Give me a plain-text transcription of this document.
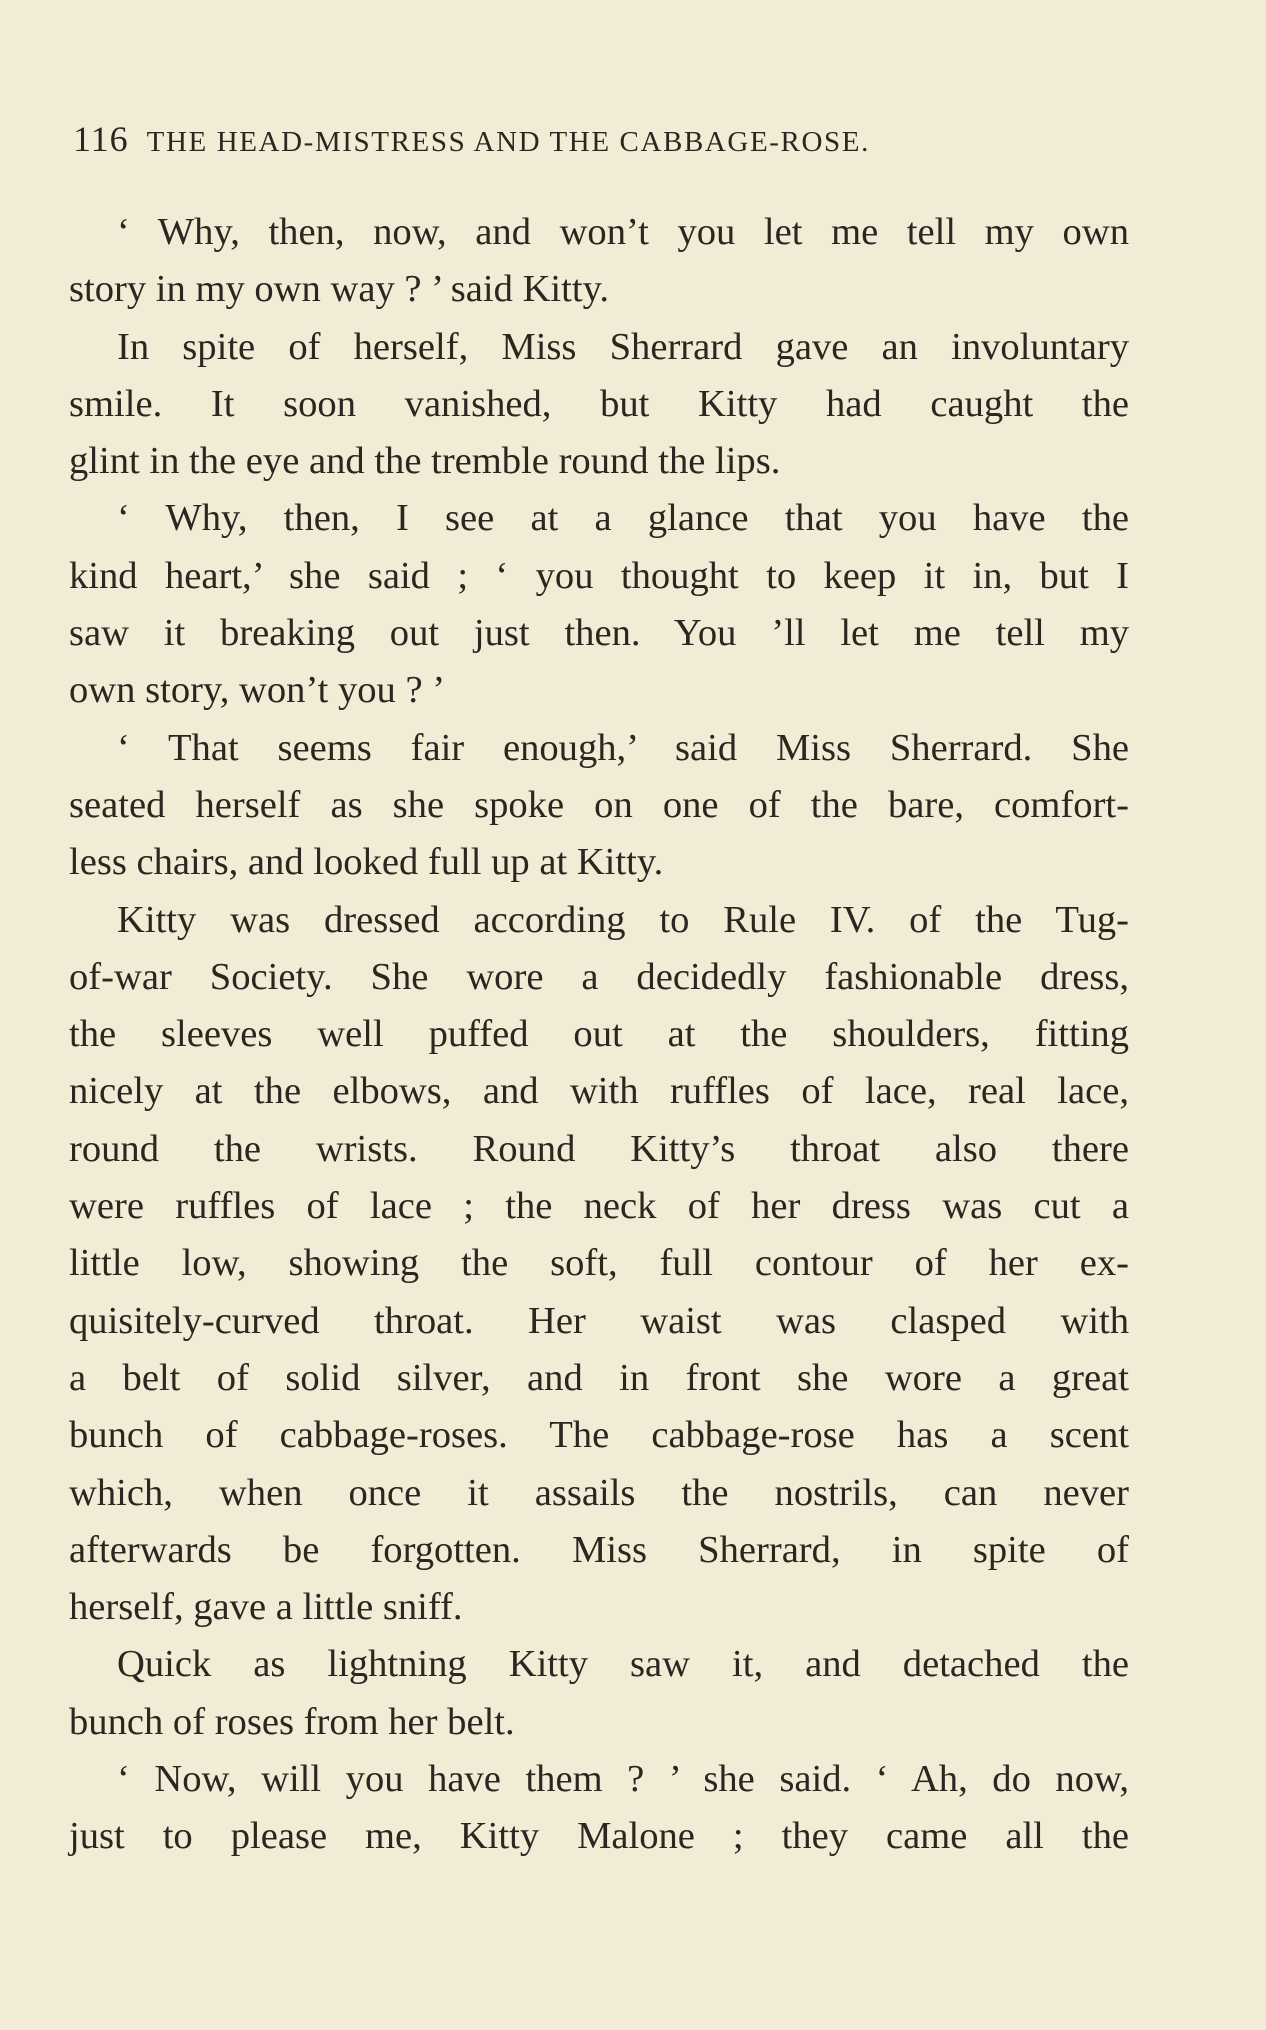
116 THE HEAD-MISTRESS AND THE CABBAGE-ROSE.
‘ Why, then, now, and won’t you let me tell my own
story in my own way ? ’ said Kitty.
In spite of herself, Miss Sherrard gave an involuntary
smile. It soon vanished, but Kitty had caught the
glint in the eye and the tremble round the lips.
‘ Why, then, I see at a glance that you have the
kind heart,’ she said ; ‘ you thought to keep it in, but I
saw it breaking out just then. You ’ll let me tell my
own story, won’t you ? ’
‘ That seems fair enough,’ said Miss Sherrard. She
seated herself as she spoke on one of the bare, comfort-
less chairs, and looked full up at Kitty.
Kitty was dressed according to Rule IV. of the Tug-
of-war Society. She wore a decidedly fashionable dress,
the sleeves well puffed out at the shoulders, fitting
nicely at the elbows, and with ruffles of lace, real lace,
round the wrists. Round Kitty’s throat also there
were ruffles of lace ; the neck of her dress was cut a
little low, showing the soft, full contour of her ex-
quisitely-curved throat. Her waist was clasped with
a belt of solid silver, and in front she wore a great
bunch of cabbage-roses. The cabbage-rose has a scent
which, when once it assails the nostrils, can never
afterwards be forgotten. Miss Sherrard, in spite of
herself, gave a little sniff.
Quick as lightning Kitty saw it, and detached the
bunch of roses from her belt.
‘ Now, will you have them ? ’ she said. ‘ Ah, do now,
just to please me, Kitty Malone ; they came all the
